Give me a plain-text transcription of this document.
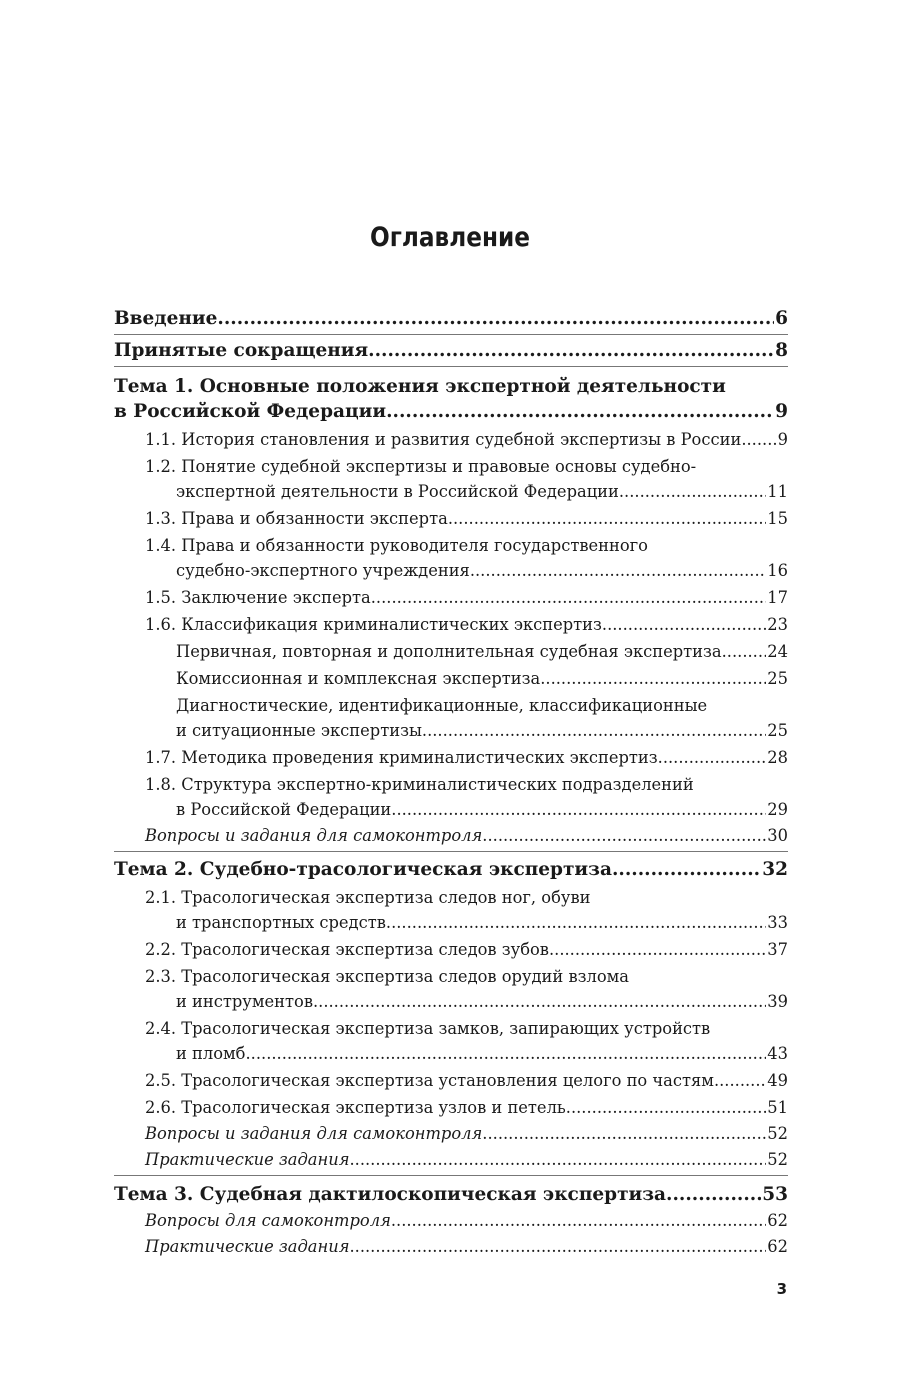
Оглавление
Введение .....	6
Принятые сокращения .....	8
Тема 1. Основные положения экспертной деятельности
в Российской Федерации .....	9
1.1. История становления и развития судебной экспертизы в России ..... 9
1.2. Понятие судебной экспертизы и правовые основы судебно-
экспертной деятельности в Российской Федерации .....	11
1.3. Права и обязанности эксперта .....	15
1.4. Права и обязанности руководителя государственного
судебно-экспертного учреждения .....	16
1.5. Заключение эксперта .....	17
1.6. Классификация криминалистических экспертиз .....	23
Первичная, повторная и дополнительная судебная экспертиза .....	24
Комиссионная и комплексная экспертиза .....	25
Диагностические, идентификационные, классификационные
и ситуационные экспертизы .....	25
1.7. Методика проведения криминалистических экспертиз .....	28
1.8. Структура экспертно-криминалистических подразделений
в Российской Федерации .....	29
Вопросы и задания для самоконтроля .....	30
Тема 2. Судебно-трасологическая экспертиза .....	32
2.1. Трасологическая экспертиза следов ног, обуви
и транспортных средств .....	33
2.2. Трасологическая экспертиза следов зубов .....	37
2.3. Трасологическая экспертиза следов орудий взлома
и инструментов .....	39
2.4. Трасологическая экспертиза замков, запирающих устройств
и пломб .....	43
2.5. Трасологическая экспертиза установления целого по частям .....	49
2.6. Трасологическая экспертиза узлов и петель .....	51
Вопросы и задания для самоконтроля .....	52
Практические задания .....	52
Тема 3. Судебная дактилоскопическая экспертиза .....	53
Вопросы для самоконтроля .....	62
Практические задания .....	62
3
